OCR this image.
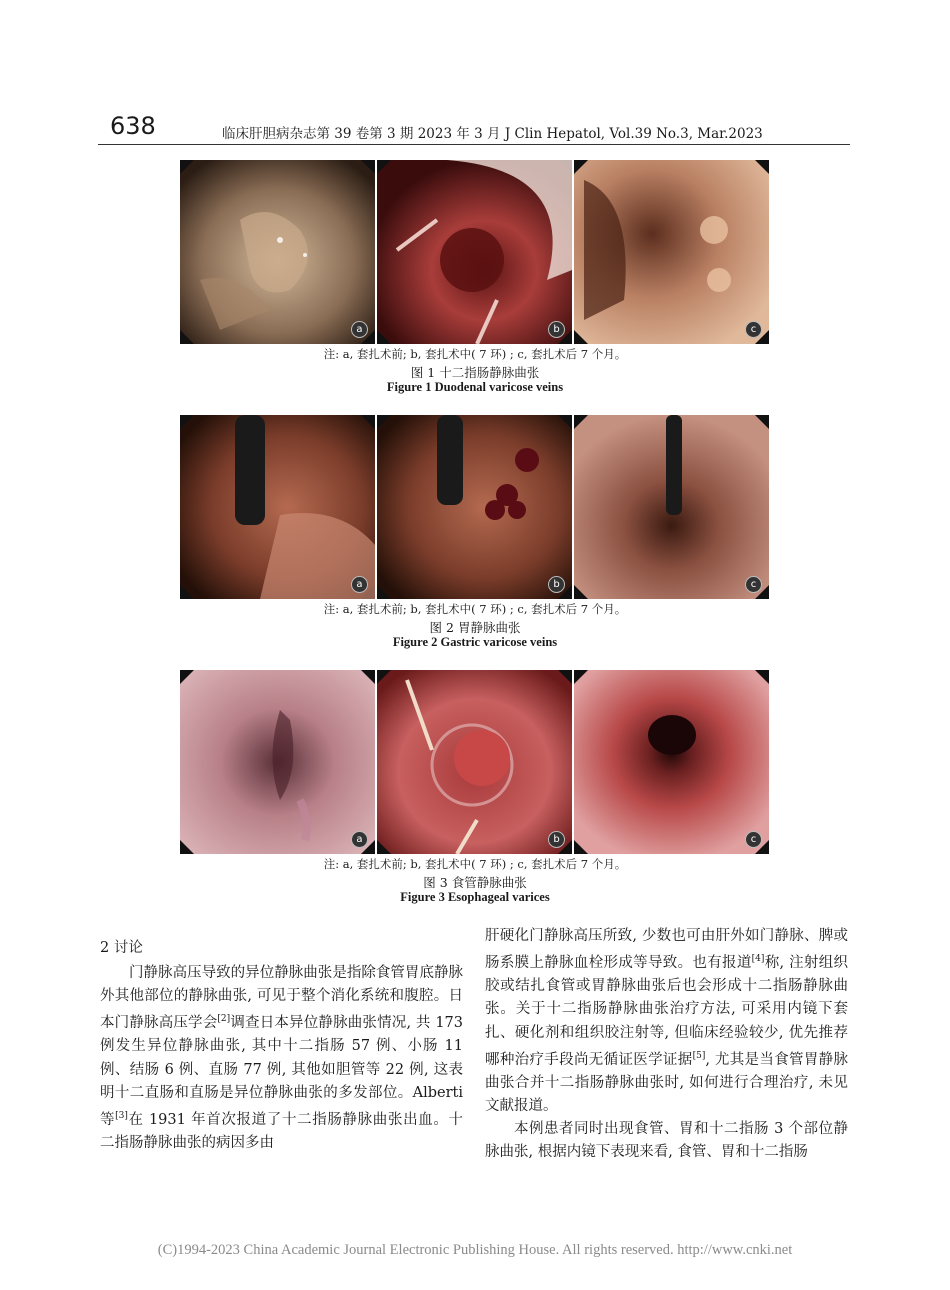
638	临床肝胆病杂志第 39 卷第 3 期 2023 年 3 月 J Clin Hepatol, Vol.39 No.3, Mar.2023
a	b	c
注: a, 套扎术前; b, 套扎术中( 7 环) ; c, 套扎术后 7 个月。
图 1 十二指肠静脉曲张
Figure 1 Duodenal varicose veins
a	b	c
注: a, 套扎术前; b, 套扎术中( 7 环) ; c, 套扎术后 7 个月。
图 2 胃静脉曲张
Figure 2 Gastric varicose veins
a	b	c
注: a, 套扎术前; b, 套扎术中( 7 环) ; c, 套扎术后 7 个月。
图 3 食管静脉曲张
Figure 3 Esophageal varices
2 讨论

门静脉高压导致的异位静脉曲张是指除食管胃底静脉外其他部位的静脉曲张, 可见于整个消化系统和腹腔。日本门静脉高压学会[2]调查日本异位静脉曲张情况, 共 173 例发生异位静脉曲张, 其中十二指肠 57 例、小肠 11 例、结肠 6 例、直肠 77 例, 其他如胆管等 22 例, 这表明十二直肠和直肠是异位静脉曲张的多发部位。Alberti 等[3]在 1931 年首次报道了十二指肠静脉曲张出血。十二指肠静脉曲张的病因多由

肝硬化门静脉高压所致, 少数也可由肝外如门静脉、脾或肠系膜上静脉血栓形成等导致。也有报道[4]称, 注射组织胶或结扎食管或胃静脉曲张后也会形成十二指肠静脉曲张。关于十二指肠静脉曲张治疗方法, 可采用内镜下套扎、硬化剂和组织胶注射等, 但临床经验较少, 优先推荐哪种治疗手段尚无循证医学证据[5], 尤其是当食管胃静脉曲张合并十二指肠静脉曲张时, 如何进行合理治疗, 未见文献报道。

本例患者同时出现食管、胃和十二指肠 3 个部位静脉曲张, 根据内镜下表现来看, 食管、胃和十二指肠

(C)1994-2023 China Academic Journal Electronic Publishing House. All rights reserved. http://www.cnki.net
